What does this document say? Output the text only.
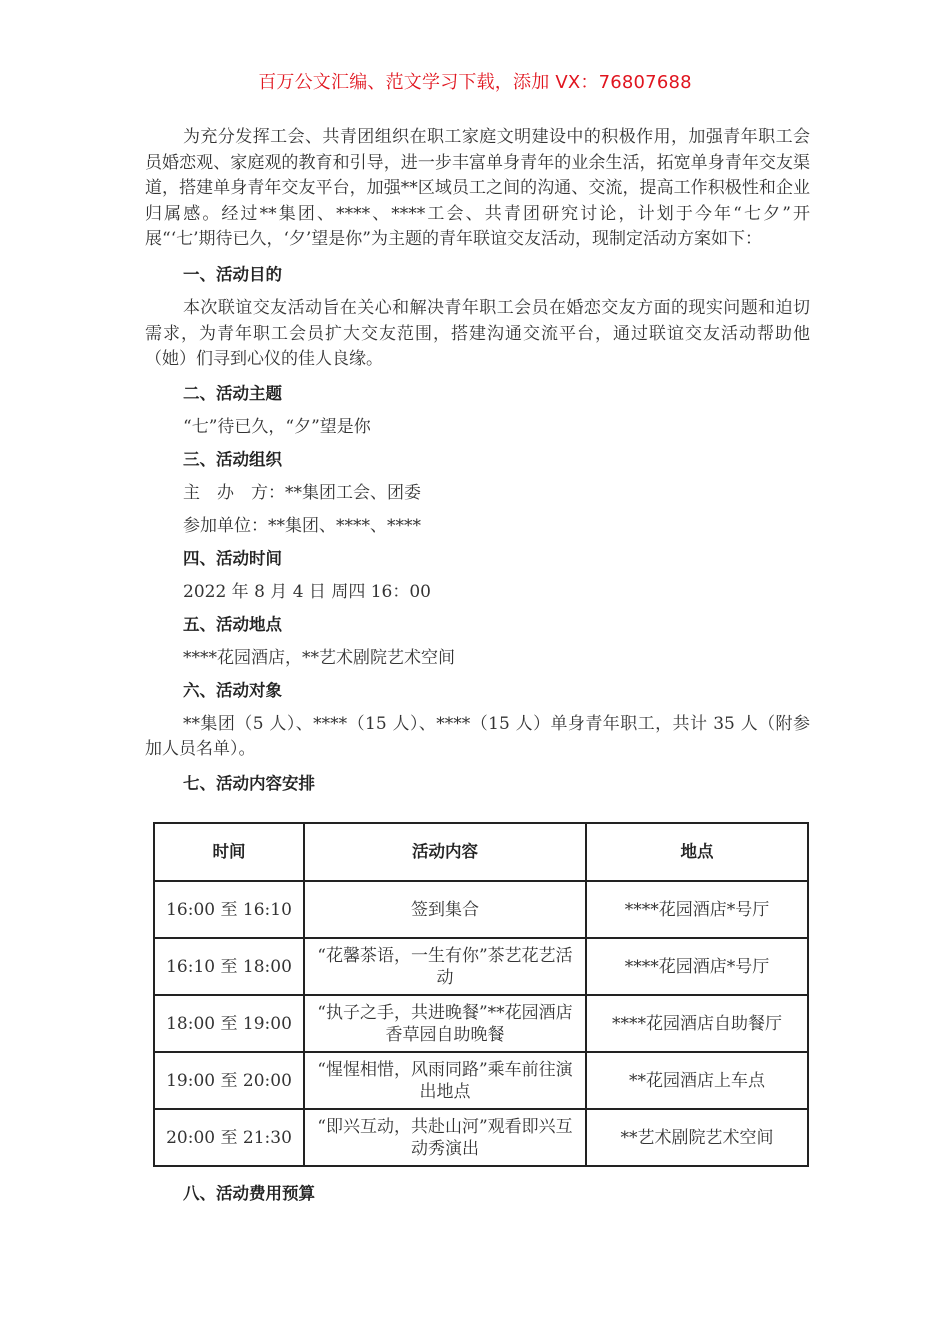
百万公文汇编、范文学习下载，添加 VX：76807688

为充分发挥工会、共青团组织在职工家庭文明建设中的积极作用，加强青年职工会员婚恋观、家庭观的教育和引导，进一步丰富单身青年的业余生活，拓宽单身青年交友渠道，搭建单身青年交友平台，加强**区域员工之间的沟通、交流，提高工作积极性和企业归属感。经过**集团、****、****工会、共青团研究讨论，计划于今年“七夕”开展“‘七’期待已久，‘夕’望是你”为主题的青年联谊交友活动，现制定活动方案如下：

一、活动目的

本次联谊交友活动旨在关心和解决青年职工会员在婚恋交友方面的现实问题和迫切需求，为青年职工会员扩大交友范围，搭建沟通交流平台，通过联谊交友活动帮助他（她）们寻到心仪的佳人良缘。

二、活动主题

“七”待已久，“夕”望是你

三、活动组织

主　办　方：**集团工会、团委

参加单位：**集团、****、****

四、活动时间

2022 年 8 月 4 日 周四 16：00

五、活动地点

****花园酒店，**艺术剧院艺术空间

六、活动对象

**集团（5 人）、****（15 人）、****（15 人）单身青年职工，共计 35 人（附参加人员名单）。

七、活动内容安排

时间	活动内容	地点
16:00 至 16:10	签到集合	****花园酒店*号厅
16:10 至 18:00	“花馨茶语，一生有你”茶艺花艺活动	****花园酒店*号厅
18:00 至 19:00	“执子之手，共进晚餐”**花园酒店香草园自助晚餐	****花园酒店自助餐厅
19:00 至 20:00	“惺惺相惜，风雨同路”乘车前往演出地点	**花园酒店上车点
20:00 至 21:30	“即兴互动，共赴山河”观看即兴互动秀演出	**艺术剧院艺术空间
八、活动费用预算
